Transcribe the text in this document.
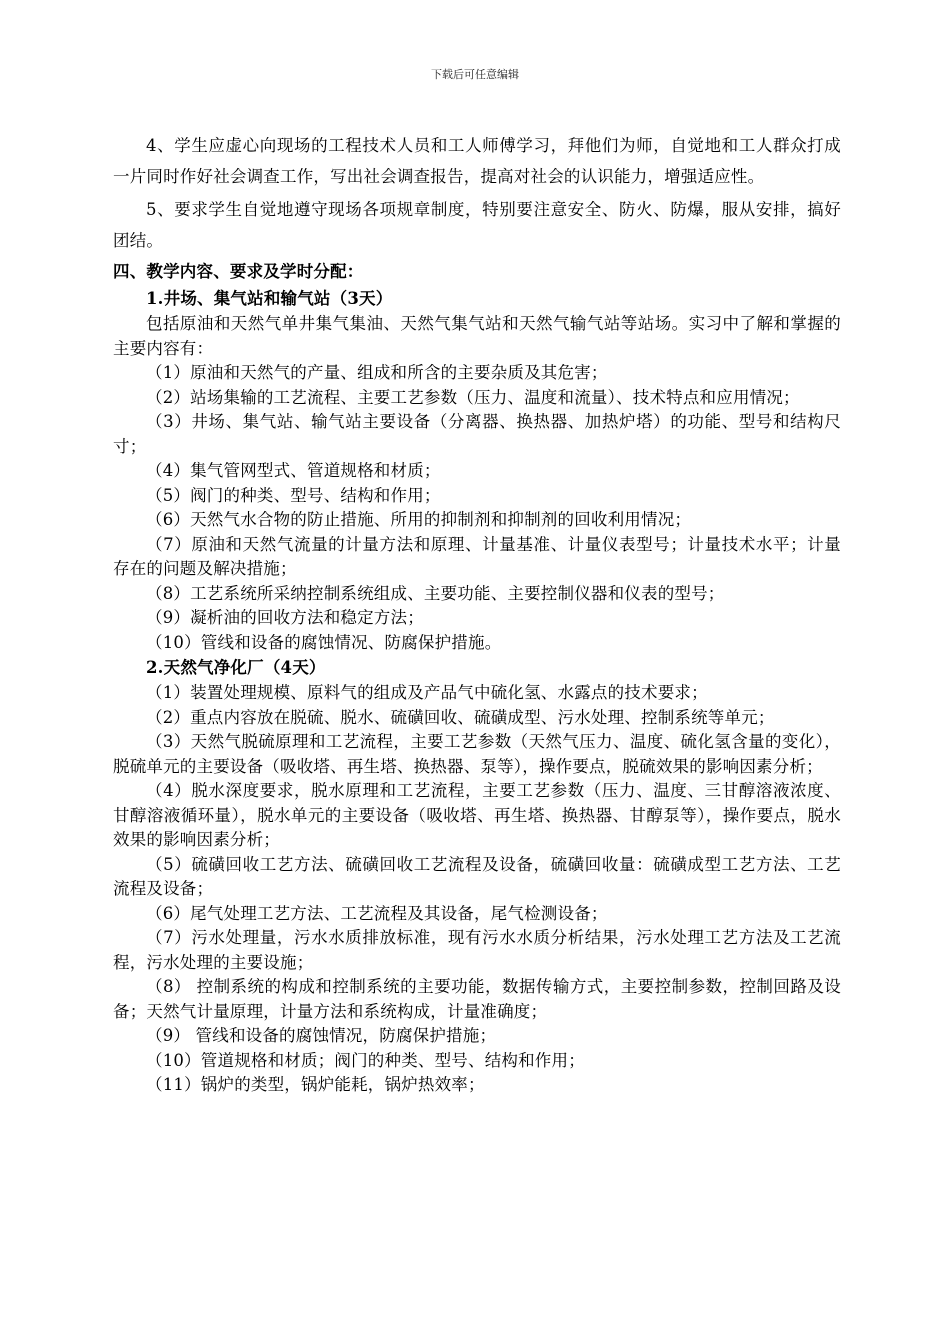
下载后可任意编辑

4、学生应虚心向现场的工程技术人员和工人师傅学习，拜他们为师，自觉地和工人群众打成一片同时作好社会调查工作，写出社会调查报告，提高对社会的认识能力，增强适应性。

5、要求学生自觉地遵守现场各项规章制度，特别要注意安全、防火、防爆，服从安排，搞好团结。

四、教学内容、要求及学时分配：

1.井场、集气站和输气站（3天）

包括原油和天然气单井集气集油、天然气集气站和天然气输气站等站场。实习中了解和掌握的主要内容有：

（1）原油和天然气的产量、组成和所含的主要杂质及其危害；

（2）站场集输的工艺流程、主要工艺参数（压力、温度和流量）、技术特点和应用情况；

（3）井场、集气站、输气站主要设备（分离器、换热器、加热炉塔）的功能、型号和结构尺寸；

（4）集气管网型式、管道规格和材质；

（5）阀门的种类、型号、结构和作用；

（6）天然气水合物的防止措施、所用的抑制剂和抑制剂的回收利用情况；

（7）原油和天然气流量的计量方法和原理、计量基准、计量仪表型号；计量技术水平；计量存在的问题及解决措施；

（8）工艺系统所采纳控制系统组成、主要功能、主要控制仪器和仪表的型号；

（9）凝析油的回收方法和稳定方法；

（10）管线和设备的腐蚀情况、防腐保护措施。

2.天然气净化厂（4天）

（1）装置处理规模、原料气的组成及产品气中硫化氢、水露点的技术要求；

（2）重点内容放在脱硫、脱水、硫磺回收、硫磺成型、污水处理、控制系统等单元；

（3）天然气脱硫原理和工艺流程，主要工艺参数（天然气压力、温度、硫化氢含量的变化），脱硫单元的主要设备（吸收塔、再生塔、换热器、泵等），操作要点，脱硫效果的影响因素分析；

（4）脱水深度要求，脱水原理和工艺流程，主要工艺参数（压力、温度、三甘醇溶液浓度、甘醇溶液循环量），脱水单元的主要设备（吸收塔、再生塔、换热器、甘醇泵等），操作要点，脱水效果的影响因素分析；

（5）硫磺回收工艺方法、硫磺回收工艺流程及设备，硫磺回收量：硫磺成型工艺方法、工艺流程及设备；

（6）尾气处理工艺方法、工艺流程及其设备，尾气检测设备；

（7）污水处理量，污水水质排放标准，现有污水水质分析结果，污水处理工艺方法及工艺流程，污水处理的主要设施；

（8） 控制系统的构成和控制系统的主要功能，数据传输方式，主要控制参数，控制回路及设备；天然气计量原理，计量方法和系统构成，计量准确度；

（9） 管线和设备的腐蚀情况，防腐保护措施；

（10）管道规格和材质；阀门的种类、型号、结构和作用；

（11）锅炉的类型，锅炉能耗，锅炉热效率；
